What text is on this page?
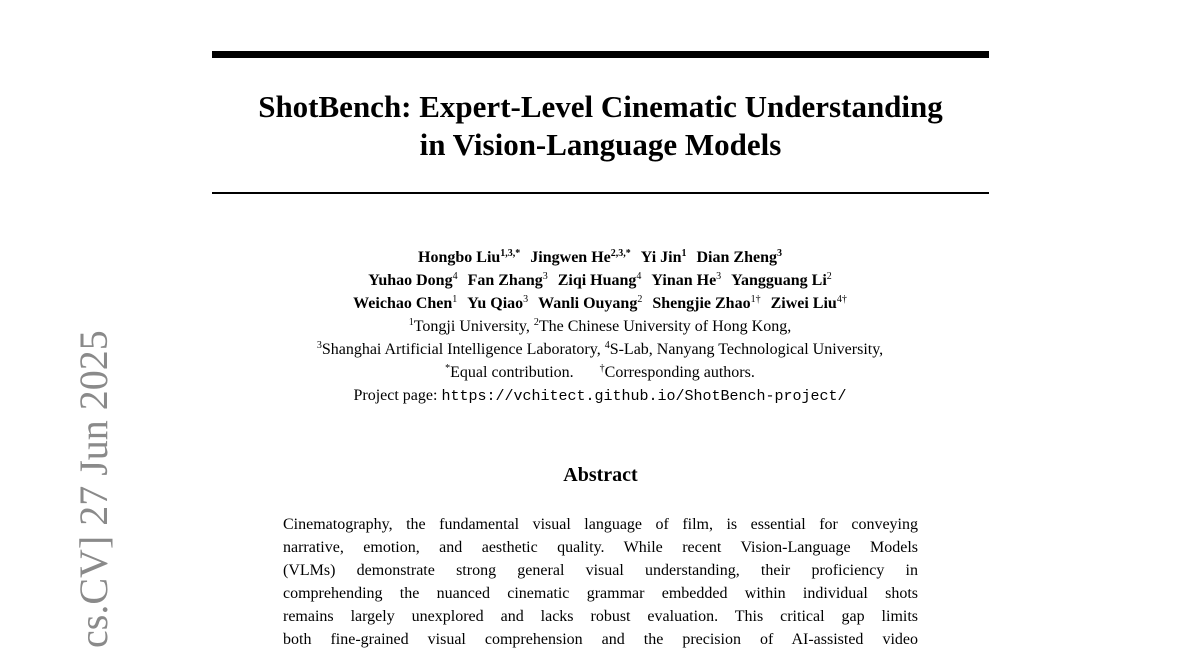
ShotBench: Expert-Level Cinematic Understanding
in Vision-Language Models
Hongbo Liu$^{1,3,*}$ Jingwen $He^{2,3,*}$ Yi Jin$^1$ Dian Zheng$^3$
Yuhao Dong$^4$ Fan Zhang$^3$ Ziqi Huang$^4$ Yinan He$^3$ Yangguang Li$^2$
Weichao Chen$^1$ Yu Qiao$^3$ Wanli Ouyang$^2$ Shengjie Zhao$^{1\dagger}$ Ziwei Liu$^{4\dagger}$
$^1$Tongji University, $^2$The Chinese University of Hong Kong,
$^3$Shanghai Artificial Intelligence Laboratory, $^4$S-Lab, Nanyang Technological University,
*Equal contribution.	†Corresponding authors.
Project page: https://vchitect.github.io/ShotBench-project/
Abstract
Cinematography, the fundamental visual language of film, is essential for conveying
narrative, emotion, and aesthetic quality. While recent Vision-Language Models
(VLMs) demonstrate strong general visual understanding, their proficiency in
comprehending the nuanced cinematic grammar embedded within individual shots
remains largely unexplored and lacks robust evaluation. This critical gap limits
both fine-grained visual comprehension and the precision of AI-assisted video
cs.CV] 27 Jun 2025
